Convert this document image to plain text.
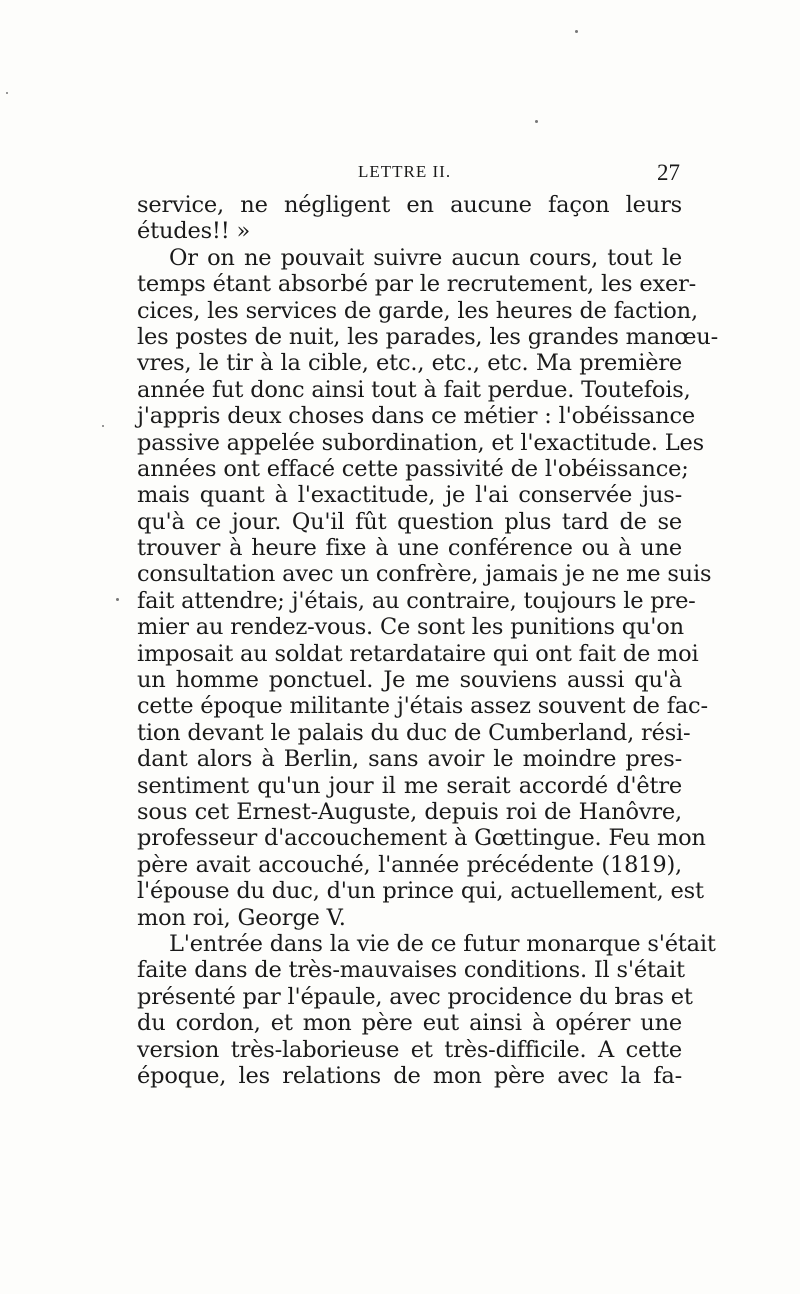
LETTRE II.	27
service, ne négligent en aucune façon leurs
études!! »
Or on ne pouvait suivre aucun cours, tout le
temps étant absorbé par le recrutement, les exer-
cices, les services de garde, les heures de faction,
les postes de nuit, les parades, les grandes manœu-
vres, le tir à la cible, etc., etc., etc. Ma première
année fut donc ainsi tout à fait perdue. Toutefois,
j'appris deux choses dans ce métier : l'obéissance
passive appelée subordination, et l'exactitude. Les
années ont effacé cette passivité de l'obéissance;
mais quant à l'exactitude, je l'ai conservée jus-
qu'à ce jour. Qu'il fût question plus tard de se
trouver à heure fixe à une conférence ou à une
consultation avec un confrère, jamais je ne me suis
fait attendre; j'étais, au contraire, toujours le pre-
mier au rendez-vous. Ce sont les punitions qu'on
imposait au soldat retardataire qui ont fait de moi
un homme ponctuel. Je me souviens aussi qu'à
cette époque militante j'étais assez souvent de fac-
tion devant le palais du duc de Cumberland, rési-
dant alors à Berlin, sans avoir le moindre pres-
sentiment qu'un jour il me serait accordé d'être
sous cet Ernest-Auguste, depuis roi de Hanôvre,
professeur d'accouchement à Gœttingue. Feu mon
père avait accouché, l'année précédente (1819),
l'épouse du duc, d'un prince qui, actuellement, est
mon roi, George V.
L'entrée dans la vie de ce futur monarque s'était
faite dans de très-mauvaises conditions. Il s'était
présenté par l'épaule, avec procidence du bras et
du cordon, et mon père eut ainsi à opérer une
version très-laborieuse et très-difficile. A cette
époque, les relations de mon père avec la fa-
